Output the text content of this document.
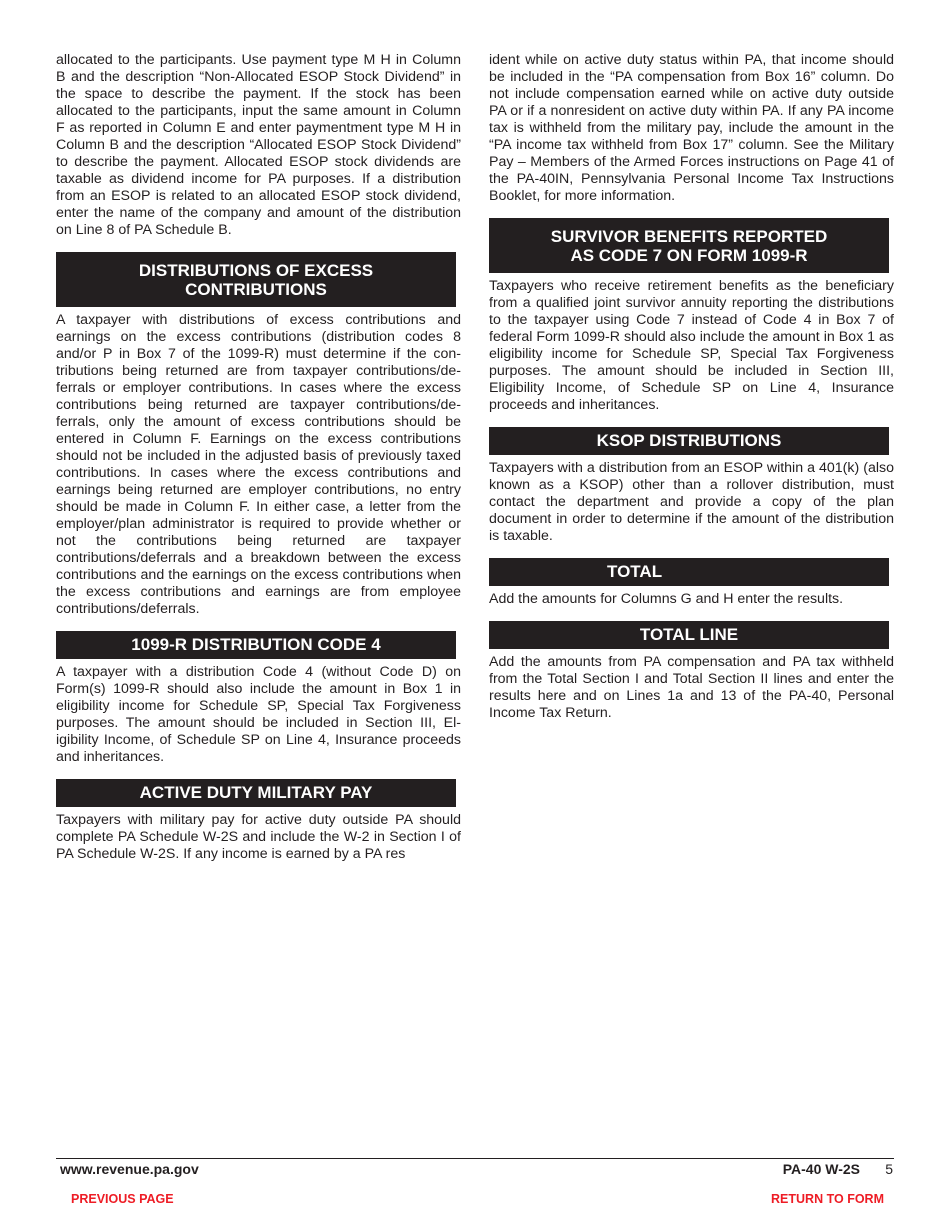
allocated to the participants. Use payment type M H in Column B and the description “Non-Allocated ESOP Stock Dividend” in the space to describe the payment. If the stock has been allocated to the participants, input the same amount in Column F as reported in Column E and enter paymentment type M H in Column B and the description “Allocated ESOP Stock Dividend” to describe the payment. Allocated ESOP stock dividends are taxable as dividend income for PA purposes. If a distribution from an ESOP is related to an allocated ESOP stock dividend, enter the name of the company and amount of the distribution on Line 8 of PA Schedule B.

DISTRIBUTIONS OF EXCESS
CONTRIBUTIONS

A taxpayer with distributions of excess contributions and earnings on the excess contributions (distribution codes 8 and/or P in Box 7 of the 1099-R) must determine if the contributions being returned are from taxpayer contributions/deferrals or employer contributions. In cases where the excess contributions being returned are taxpayer contributions/deferrals, only the amount of excess contributions should be entered in Column F. Earnings on the excess contributions should not be included in the adjusted basis of previously taxed contributions. In cases where the excess contributions and earnings being returned are employer contributions, no entry should be made in Column F. In either case, a letter from the employer/plan administrator is required to provide whether or not the contributions being returned are taxpayer contributions/deferrals and a breakdown between the excess contributions and the earnings on the excess contributions when the excess contributions and earnings are from employee contributions/deferrals.

1099-R DISTRIBUTION CODE 4

A taxpayer with a distribution Code 4 (without Code D) on Form(s) 1099-R should also include the amount in Box 1 in eligibility income for Schedule SP, Special Tax Forgiveness purposes. The amount should be included in Section III, Eligibility Income, of Schedule SP on Line 4, Insurance proceeds and inheritances.

ACTIVE DUTY MILITARY PAY

Taxpayers with military pay for active duty outside PA should complete PA Schedule W-2S and include the W-2 in Section I of PA Schedule W-2S. If any income is earned by a PA res

ident while on active duty status within PA, that income should be included in the “PA compensation from Box 16” column. Do not include compensation earned while on active duty outside PA or if a nonresident on active duty within PA. If any PA income tax is withheld from the military pay, include the amount in the “PA income tax withheld from Box 17” column. See the Military Pay – Members of the Armed Forces instructions on Page 41 of the PA-40IN, Pennsylvania Personal Income Tax Instructions Booklet, for more information.

SURVIVOR BENEFITS REPORTED
AS CODE 7 ON FORM 1099-R

Taxpayers who receive retirement benefits as the beneficiary from a qualified joint survivor annuity reporting the distributions to the taxpayer using Code 7 instead of Code 4 in Box 7 of federal Form 1099-R should also include the amount in Box 1 as eligibility income for Schedule SP, Special Tax Forgiveness purposes. The amount should be included in Section III, Eligibility Income, of Schedule SP on Line 4, Insurance proceeds and inheritances.

KSOP DISTRIBUTIONS

Taxpayers with a distribution from an ESOP within a 401(k) (also known as a KSOP) other than a rollover distribution, must contact the department and provide a copy of the plan document in order to determine if the amount of the distribution is taxable.

TOTAL

Add the amounts for Columns G and H enter the results.

TOTAL LINE

Add the amounts from PA compensation and PA tax withheld from the Total Section I and Total Section II lines and enter the results here and on Lines 1a and 13 of the PA-40, Personal Income Tax Return.

www.revenue.pa.gov	PA-40 W-2S 5
PREVIOUS PAGE	RETURN TO FORM
